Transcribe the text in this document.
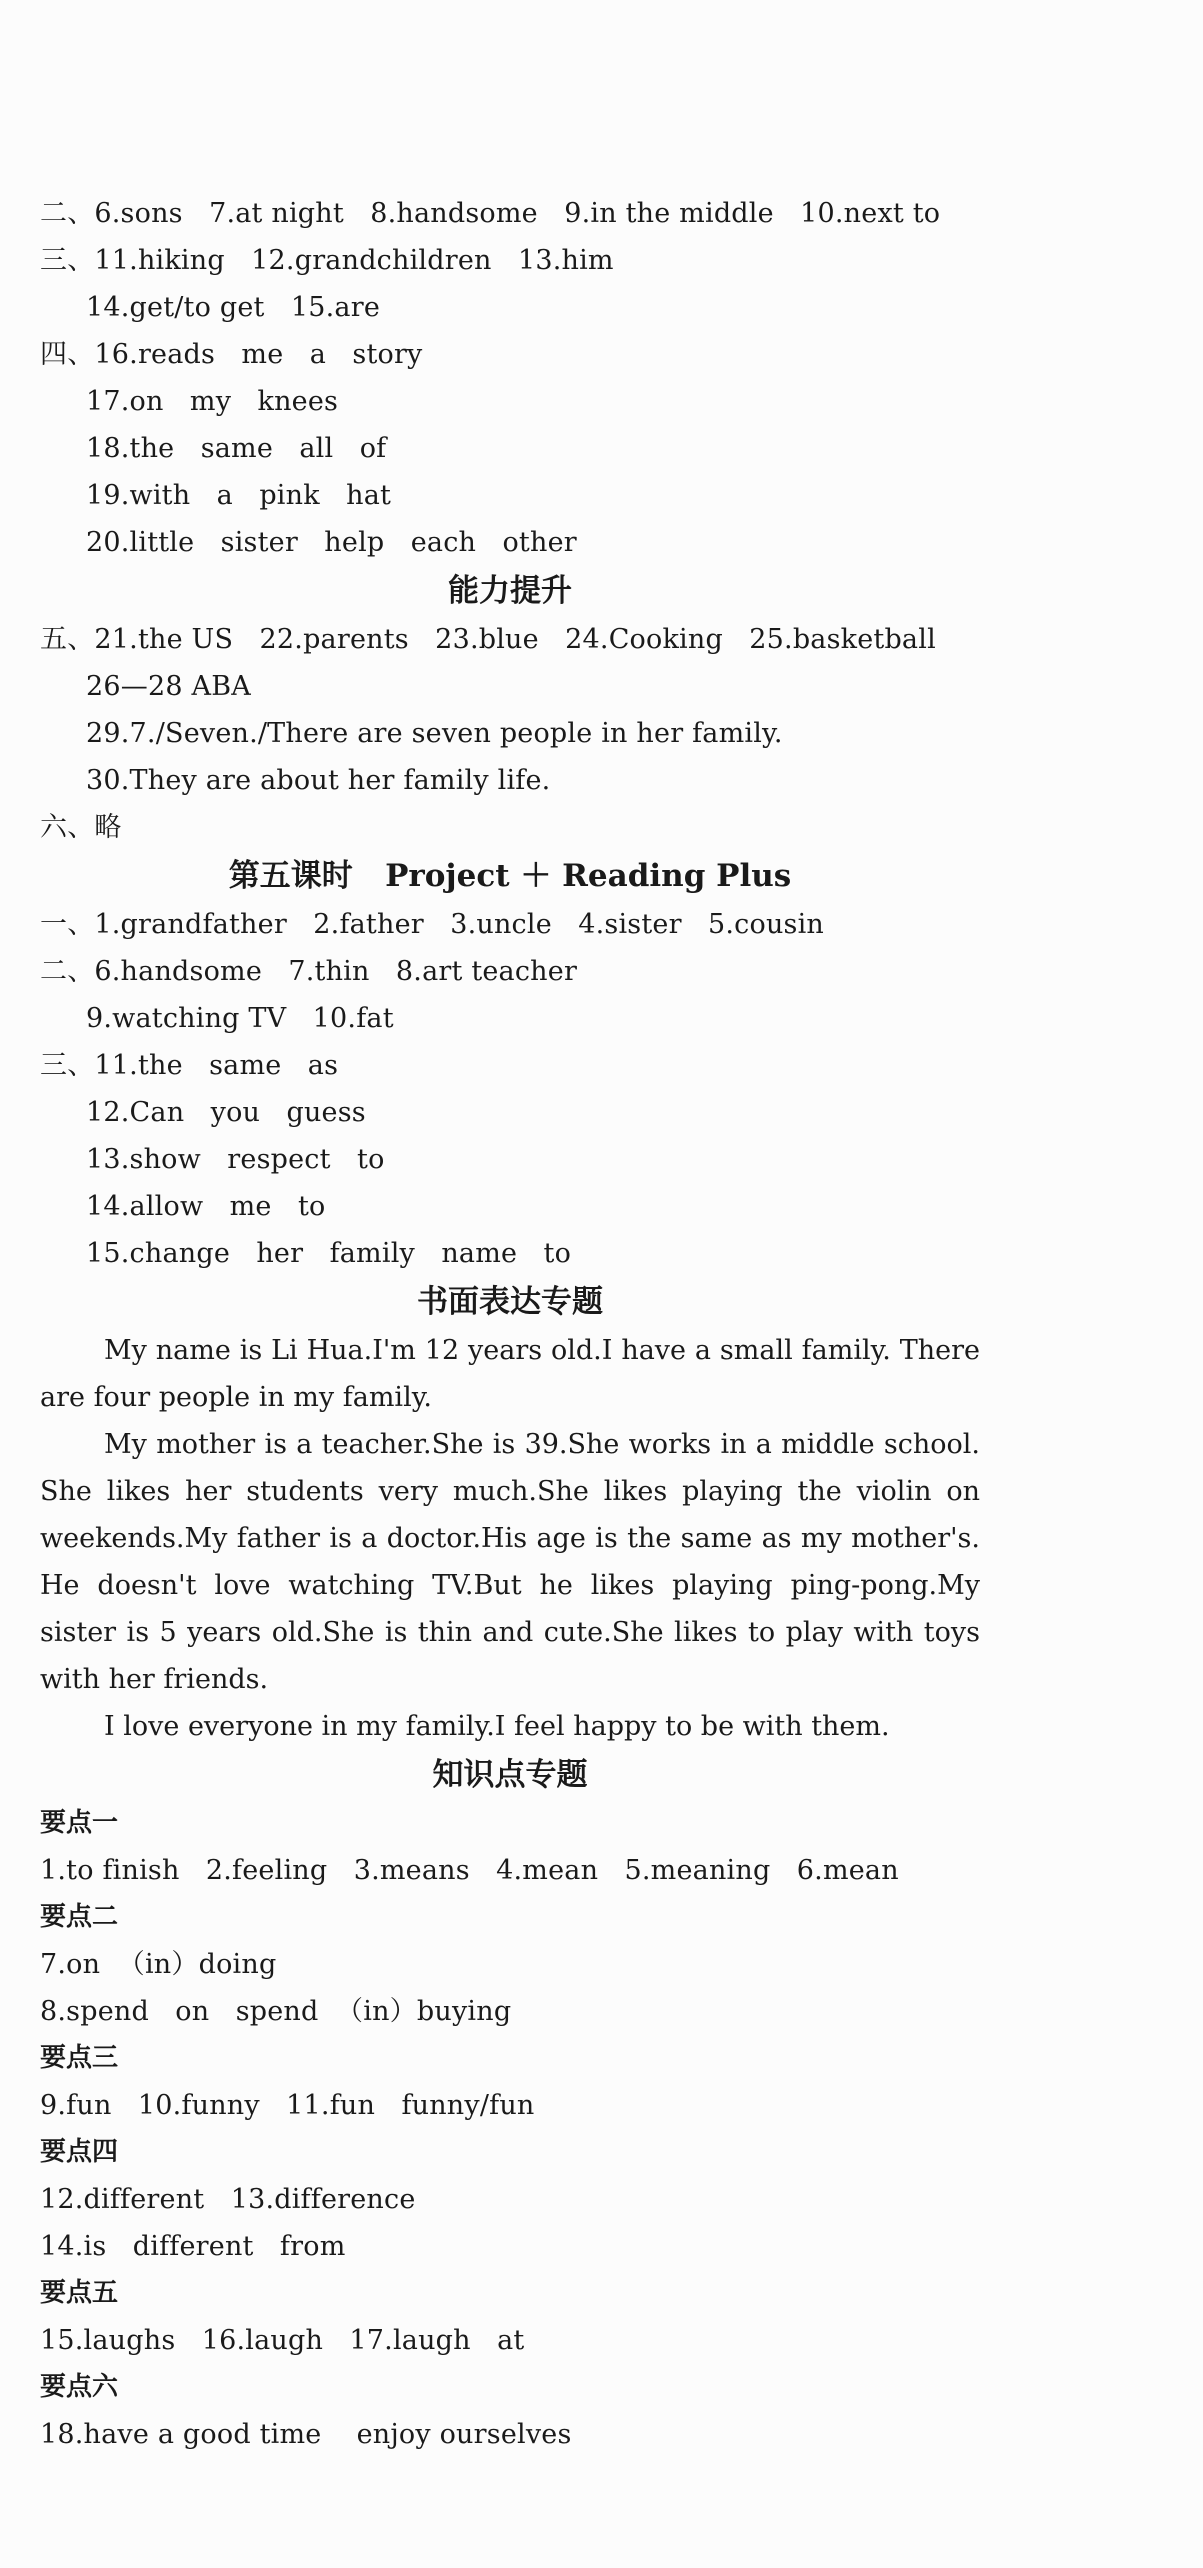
二、6.sons   7.at night   8.handsome   9.in the middle   10.next to
三、11.hiking   12.grandchildren   13.him
14.get/to get   15.are
四、16.reads   me   a   story
17.on   my   knees
18.the   same   all   of
19.with   a   pink   hat
20.little   sister   help   each   other
能力提升
五、21.the US   22.parents   23.blue   24.Cooking   25.basketball
26—28 ABA
29.7./Seven./There are seven people in her family.
30.They are about her family life.
六、略
第五课时   Project ＋ Reading Plus
一、1.grandfather   2.father   3.uncle   4.sister   5.cousin
二、6.handsome   7.thin   8.art teacher
9.watching TV   10.fat
三、11.the   same   as
12.Can   you   guess
13.show   respect   to
14.allow   me   to
15.change   her   family   name   to
书面表达专题

My name is Li Hua.I'm 12 years old.I have a small family. There are four people in my family.

My mother is a teacher.She is 39.She works in a middle school. She likes her students very much.She likes playing the violin on weekends.My father is a doctor.His age is the same as my mother's. He doesn't love watching TV.But he likes playing ping-pong.My sister is 5 years old.She is thin and cute.She likes to play with toys with her friends.

I love everyone in my family.I feel happy to be with them.

知识点专题
要点一
1.to finish   2.feeling   3.means   4.mean   5.meaning   6.mean
要点二
7.on  （in）doing
8.spend   on   spend  （in）buying
要点三
9.fun   10.funny   11.fun   funny/fun
要点四
12.different   13.difference
14.is   different   from
要点五
15.laughs   16.laugh   17.laugh   at
要点六
18.have a good time    enjoy ourselves
